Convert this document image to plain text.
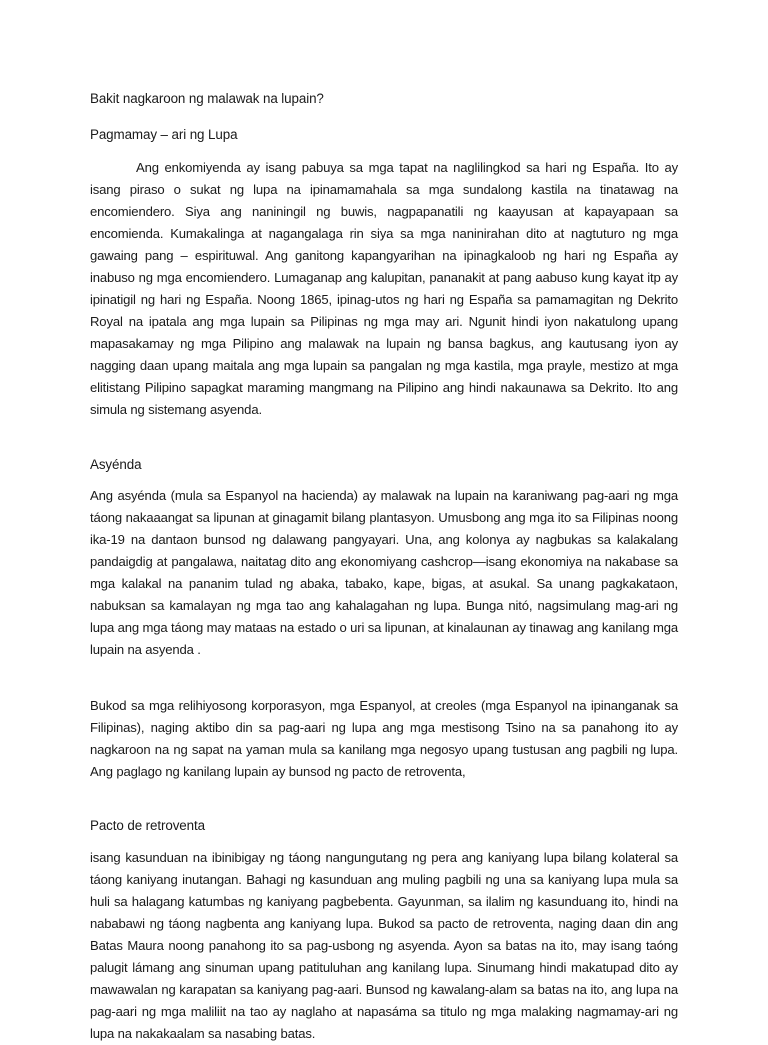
Bakit nagkaroon ng malawak na lupain?
Pagmamay – ari ng Lupa

Ang enkomiyenda ay isang pabuya sa mga tapat na naglilingkod sa hari ng España. Ito ay isang piraso o sukat ng lupa na ipinamamahala sa mga sundalong kastila na tinatawag na encomiendero. Siya ang naniningil ng buwis, nagpapanatili ng kaayusan at kapayapaan sa encomienda. Kumakalinga at nagangalaga rin siya sa mga naninirahan dito at nagtuturo ng mga gawaing pang – espirituwal. Ang ganitong kapangyarihan na ipinagkaloob ng hari ng España ay inabuso ng mga encomiendero. Lumaganap ang kalupitan, pananakit at pang aabuso kung kayat itp ay ipinatigil ng hari ng España. Noong 1865, ipinag-utos ng hari ng España sa pamamagitan ng Dekrito Royal na ipatala ang mga lupain sa Pilipinas ng mga may ari. Ngunit hindi iyon nakatulong upang mapasakamay ng mga Pilipino ang malawak na lupain ng bansa bagkus, ang kautusang iyon ay nagging daan upang maitala ang mga lupain sa pangalan ng mga kastila, mga prayle, mestizo at mga elitistang Pilipino sapagkat maraming mangmang na Pilipino ang hindi nakaunawa sa Dekrito. Ito ang simula ng sistemang asyenda.

Asyénda

Ang asyénda (mula sa Espanyol na hacienda) ay malawak na lupain na karaniwang pag-aari ng mga táong nakaaangat sa lipunan at ginagamit bilang plantasyon. Umusbong ang mga ito sa Filipinas noong ika-19 na dantaon bunsod ng dalawang pangyayari. Una, ang kolonya ay nagbukas sa kalakalang pandaigdig at pangalawa, naitatag dito ang ekonomiyang cashcrop—isang ekonomiya na nakabase sa mga kalakal na pananim tulad ng abaka, tabako, kape, bigas, at asukal. Sa unang pagkakataon, nabuksan sa kamalayan ng mga tao ang kahalagahan ng lupa. Bunga nitó, nagsimulang mag-ari ng lupa ang mga táong may mataas na estado o uri sa lipunan, at kinalaunan ay tinawag ang kanilang mga lupain na asyenda .

Bukod sa mga relihiyosong korporasyon, mga Espanyol, at creoles (mga Espanyol na ipinanganak sa Filipinas), naging aktibo din sa pag-aari ng lupa ang mga mestisong Tsino na sa panahong ito ay nagkaroon na ng sapat na yaman mula sa kanilang mga negosyo upang tustusan ang pagbili ng lupa. Ang paglago ng kanilang lupain ay bunsod ng pacto de retroventa,

Pacto de retroventa

isang kasunduan na ibinibigay ng táong nangungutang ng pera ang kaniyang lupa bilang kolateral sa táong kaniyang inutangan. Bahagi ng kasunduan ang muling pagbili ng una sa kaniyang lupa mula sa huli sa halagang katumbas ng kaniyang pagbebenta. Gayunman, sa ilalim ng kasunduang ito, hindi na nababawi ng táong nagbenta ang kaniyang lupa. Bukod sa pacto de retroventa, naging daan din ang Batas Maura noong panahong ito sa pag-usbong ng asyenda. Ayon sa batas na ito, may isang taóng palugit lámang ang sinuman upang patituluhan ang kanilang lupa. Sinumang hindi makatupad dito ay mawawalan ng karapatan sa kaniyang pag-aari. Bunsod ng kawalang-alam sa batas na ito, ang lupa na pag-aari ng mga maliliit na tao ay naglaho at napasáma sa titulo ng mga malaking nagmamay-ari ng lupa na nakakaalam sa nasabing batas.
